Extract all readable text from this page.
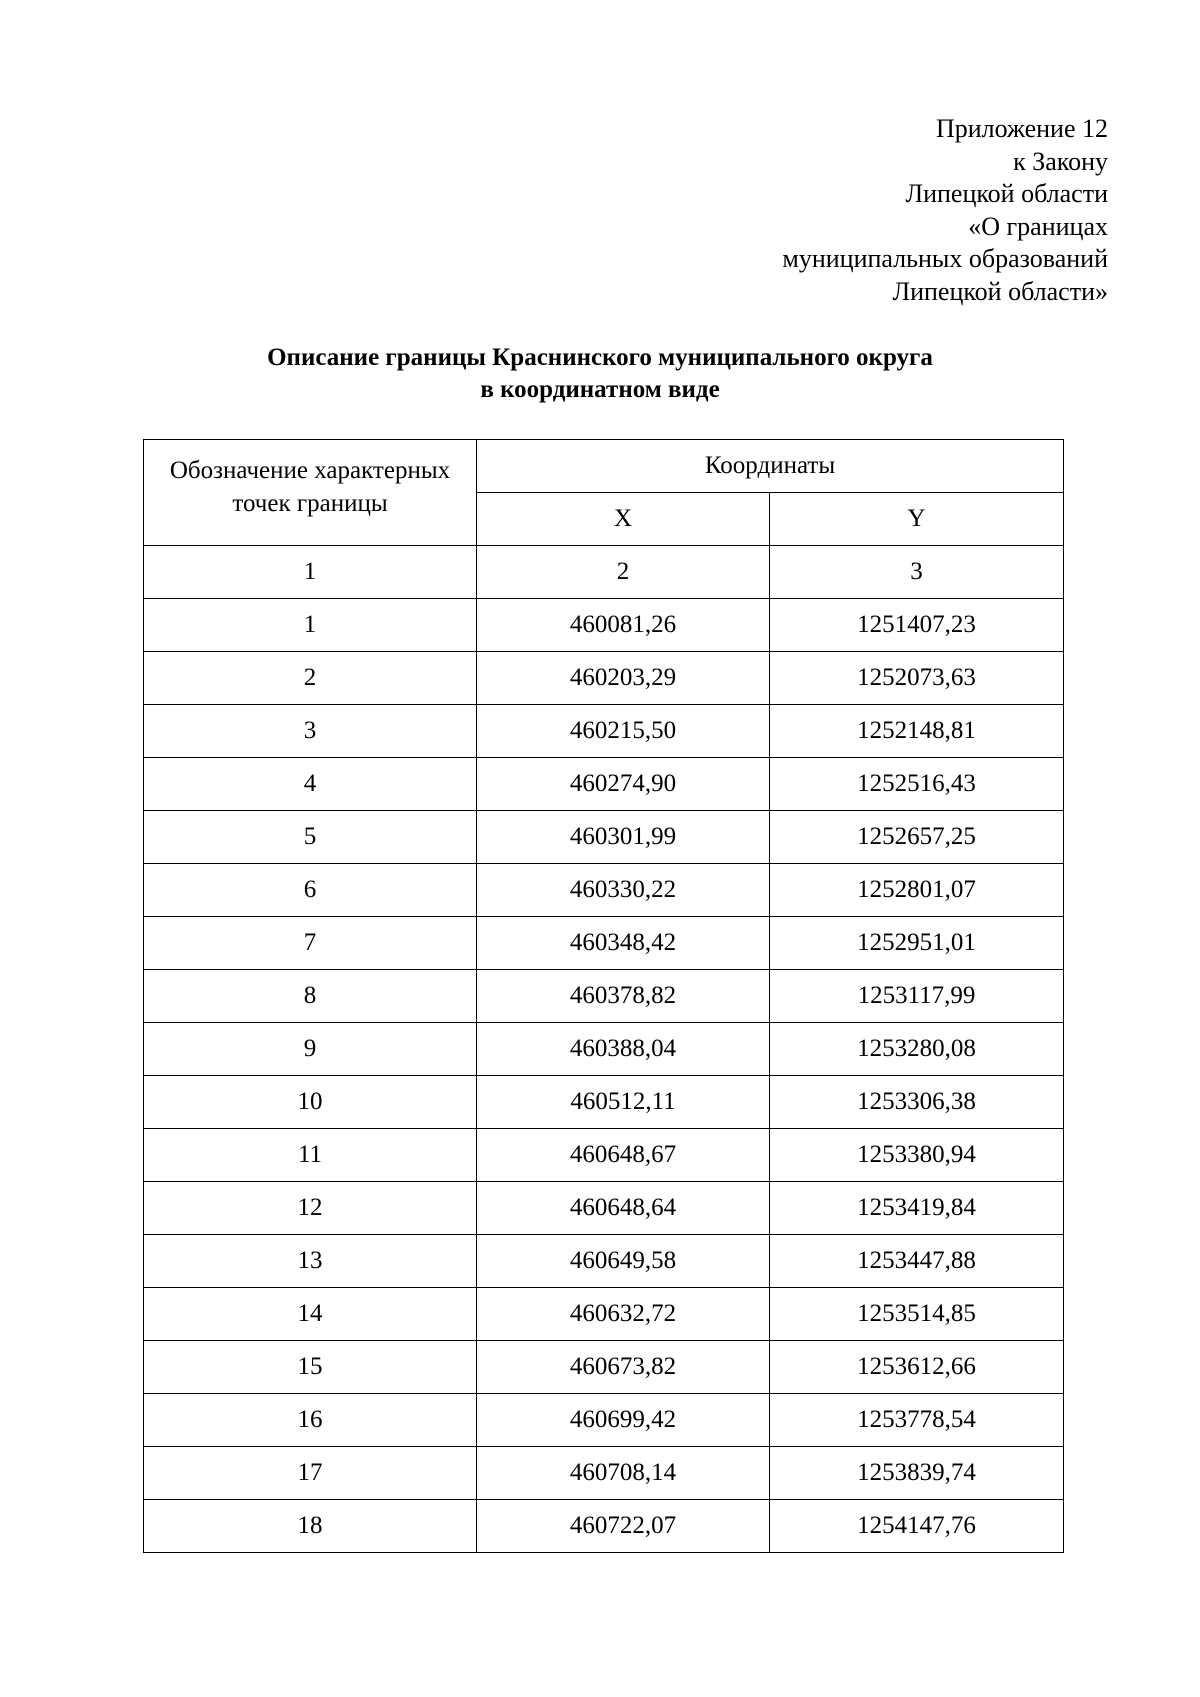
Приложение 12
к Закону
Липецкой области
«О границах
муниципальных образований
Липецкой области»
Описание границы Краснинского муниципального округа
в координатном виде
Обозначение характерных точек границы	Координаты	
	X	Y
1	2	3
1	460081,26	1251407,23
2	460203,29	1252073,63
3	460215,50	1252148,81
4	460274,90	1252516,43
5	460301,99	1252657,25
6	460330,22	1252801,07
7	460348,42	1252951,01
8	460378,82	1253117,99
9	460388,04	1253280,08
10	460512,11	1253306,38
11	460648,67	1253380,94
12	460648,64	1253419,84
13	460649,58	1253447,88
14	460632,72	1253514,85
15	460673,82	1253612,66
16	460699,42	1253778,54
17	460708,14	1253839,74
18	460722,07	1254147,76
